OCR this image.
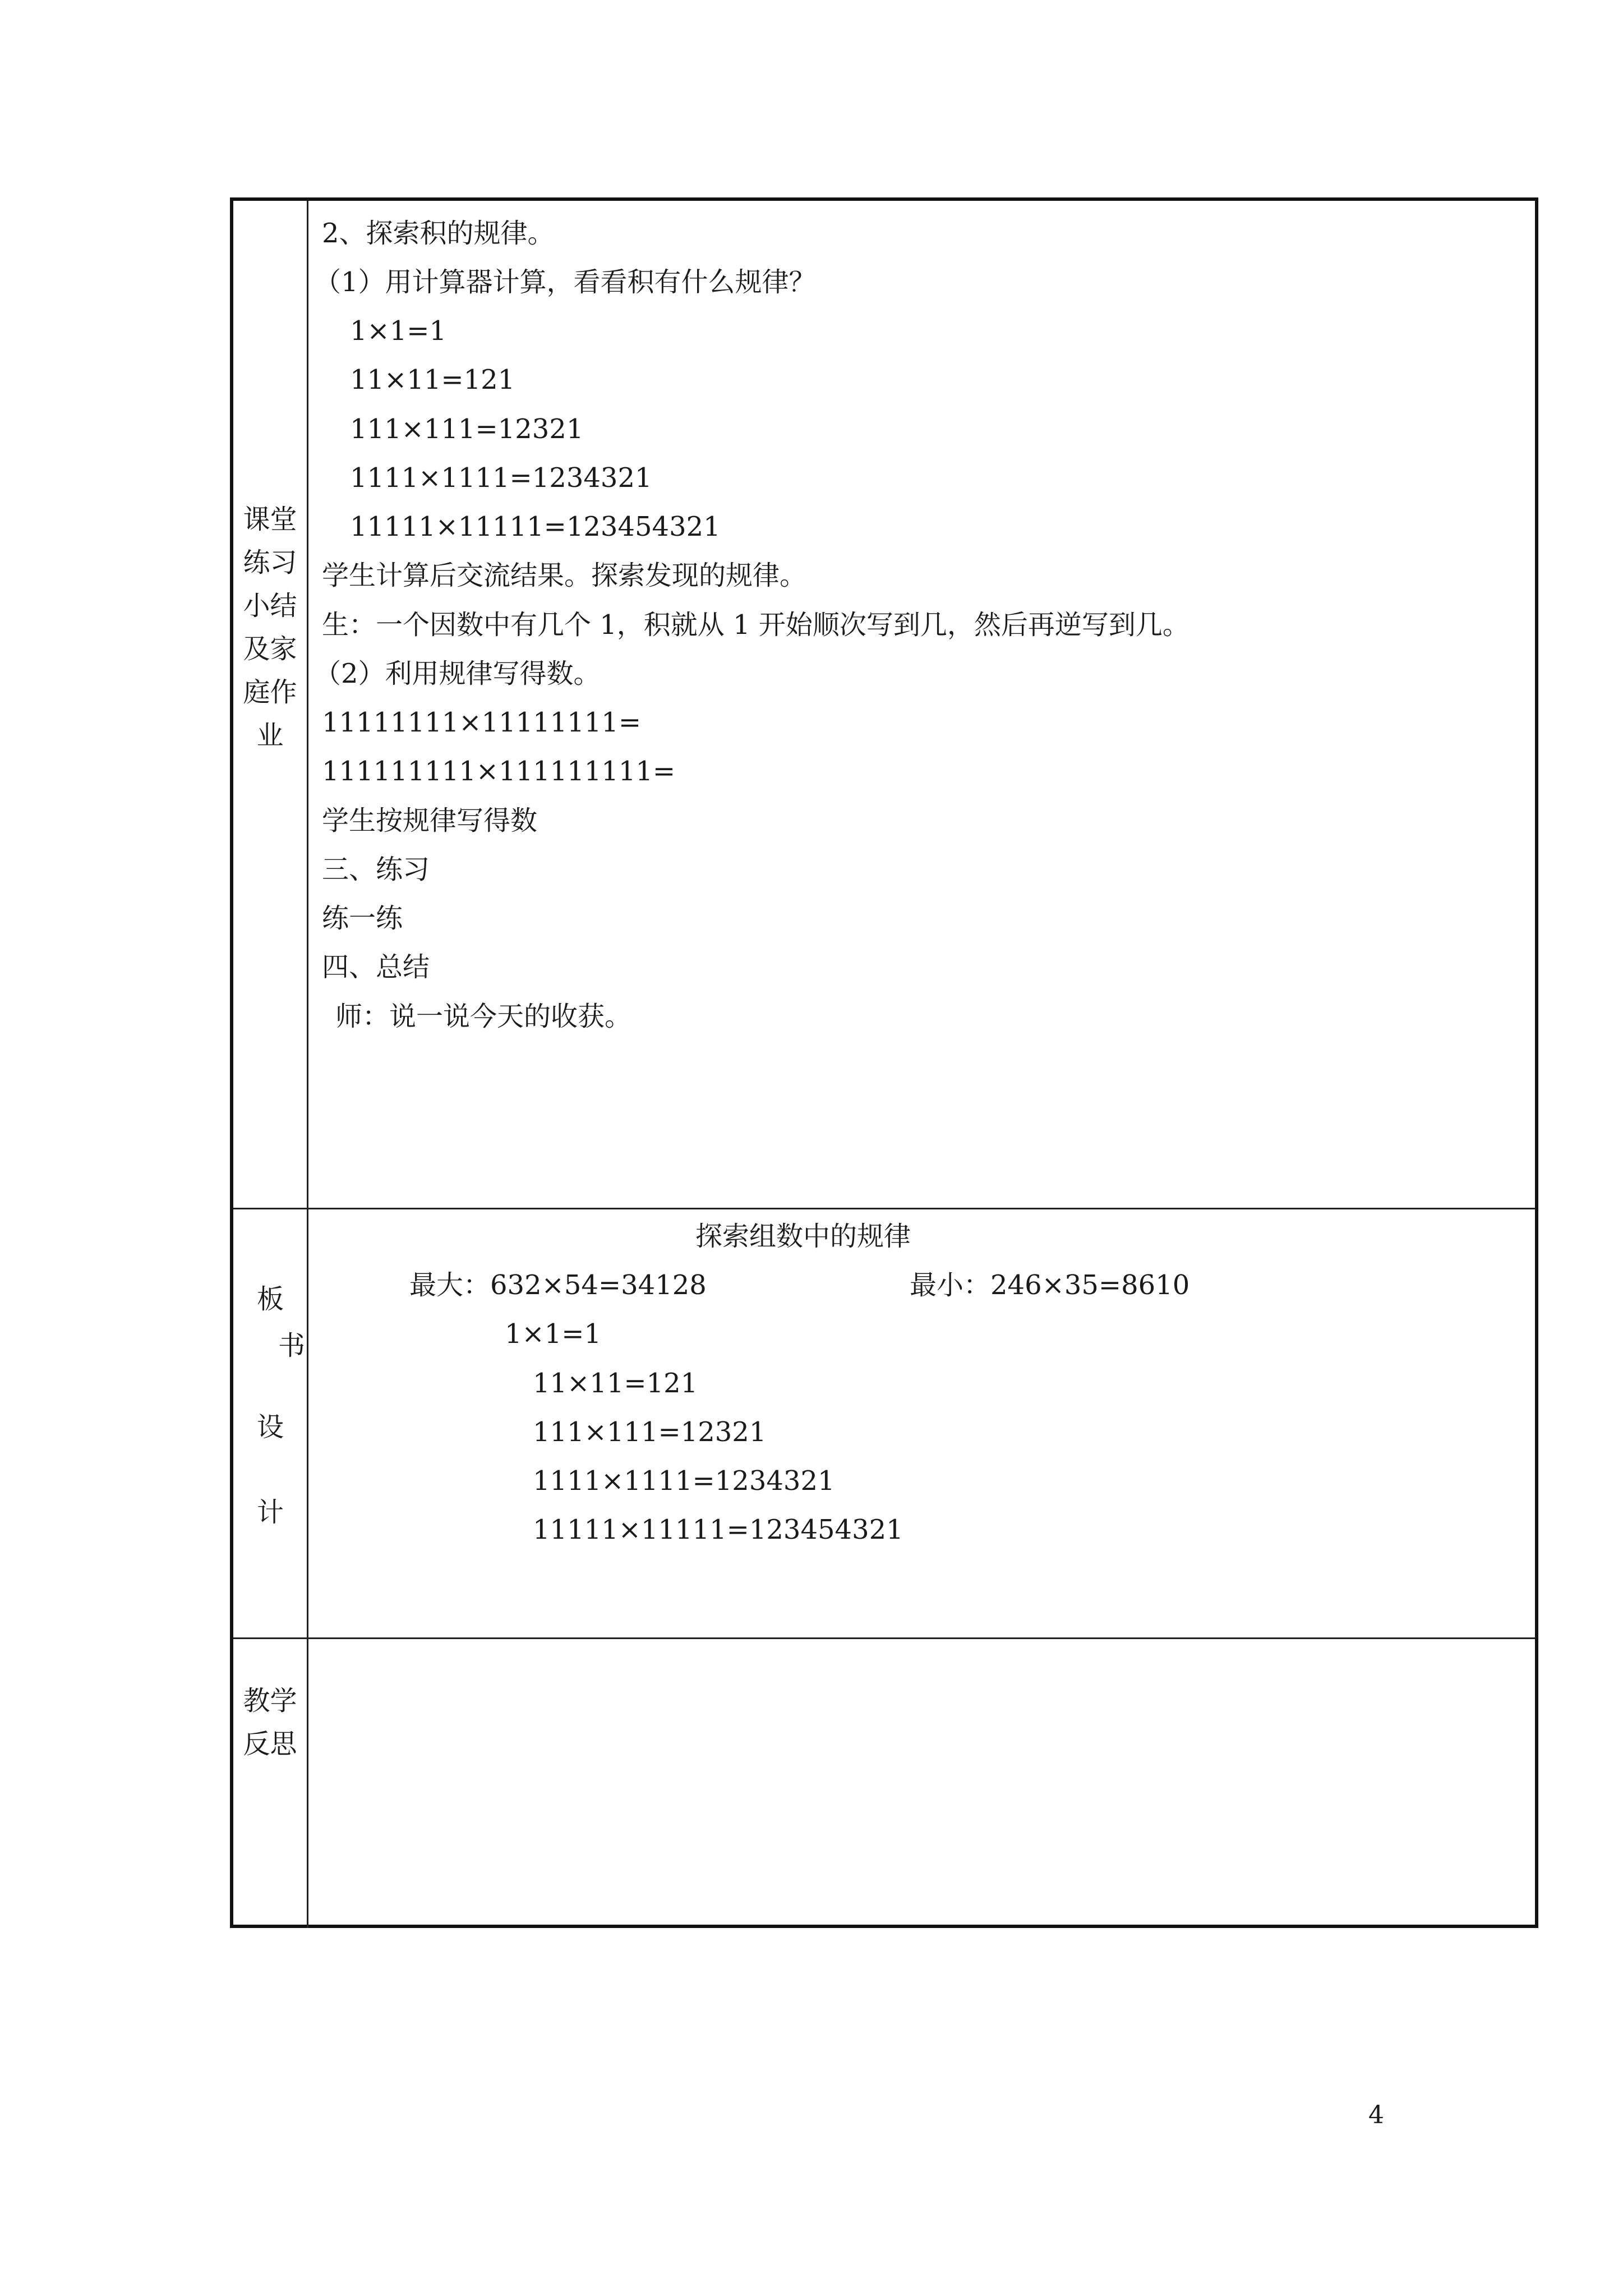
课堂练习小结及家庭作业
2、探索积的规律。
（1）用计算器计算，看看积有什么规律？
1×1=1
11×11=121
111×111=12321
1111×1111=1234321
11111×11111=123454321
学生计算后交流结果。探索发现的规律。
生：一个因数中有几个 1，积就从 1 开始顺次写到几，然后再逆写到几。
（2）利用规律写得数。
11111111×11111111=
111111111×111111111=
学生按规律写得数
三、练习
练一练
四、总结
师：说一说今天的收获。
板
书
设
计
探索组数中的规律
最大：632×54=34128	最小：246×35=8610
1×1=1
11×11=121
111×111=12321
1111×1111=1234321
11111×11111=123454321
教学反思
4
